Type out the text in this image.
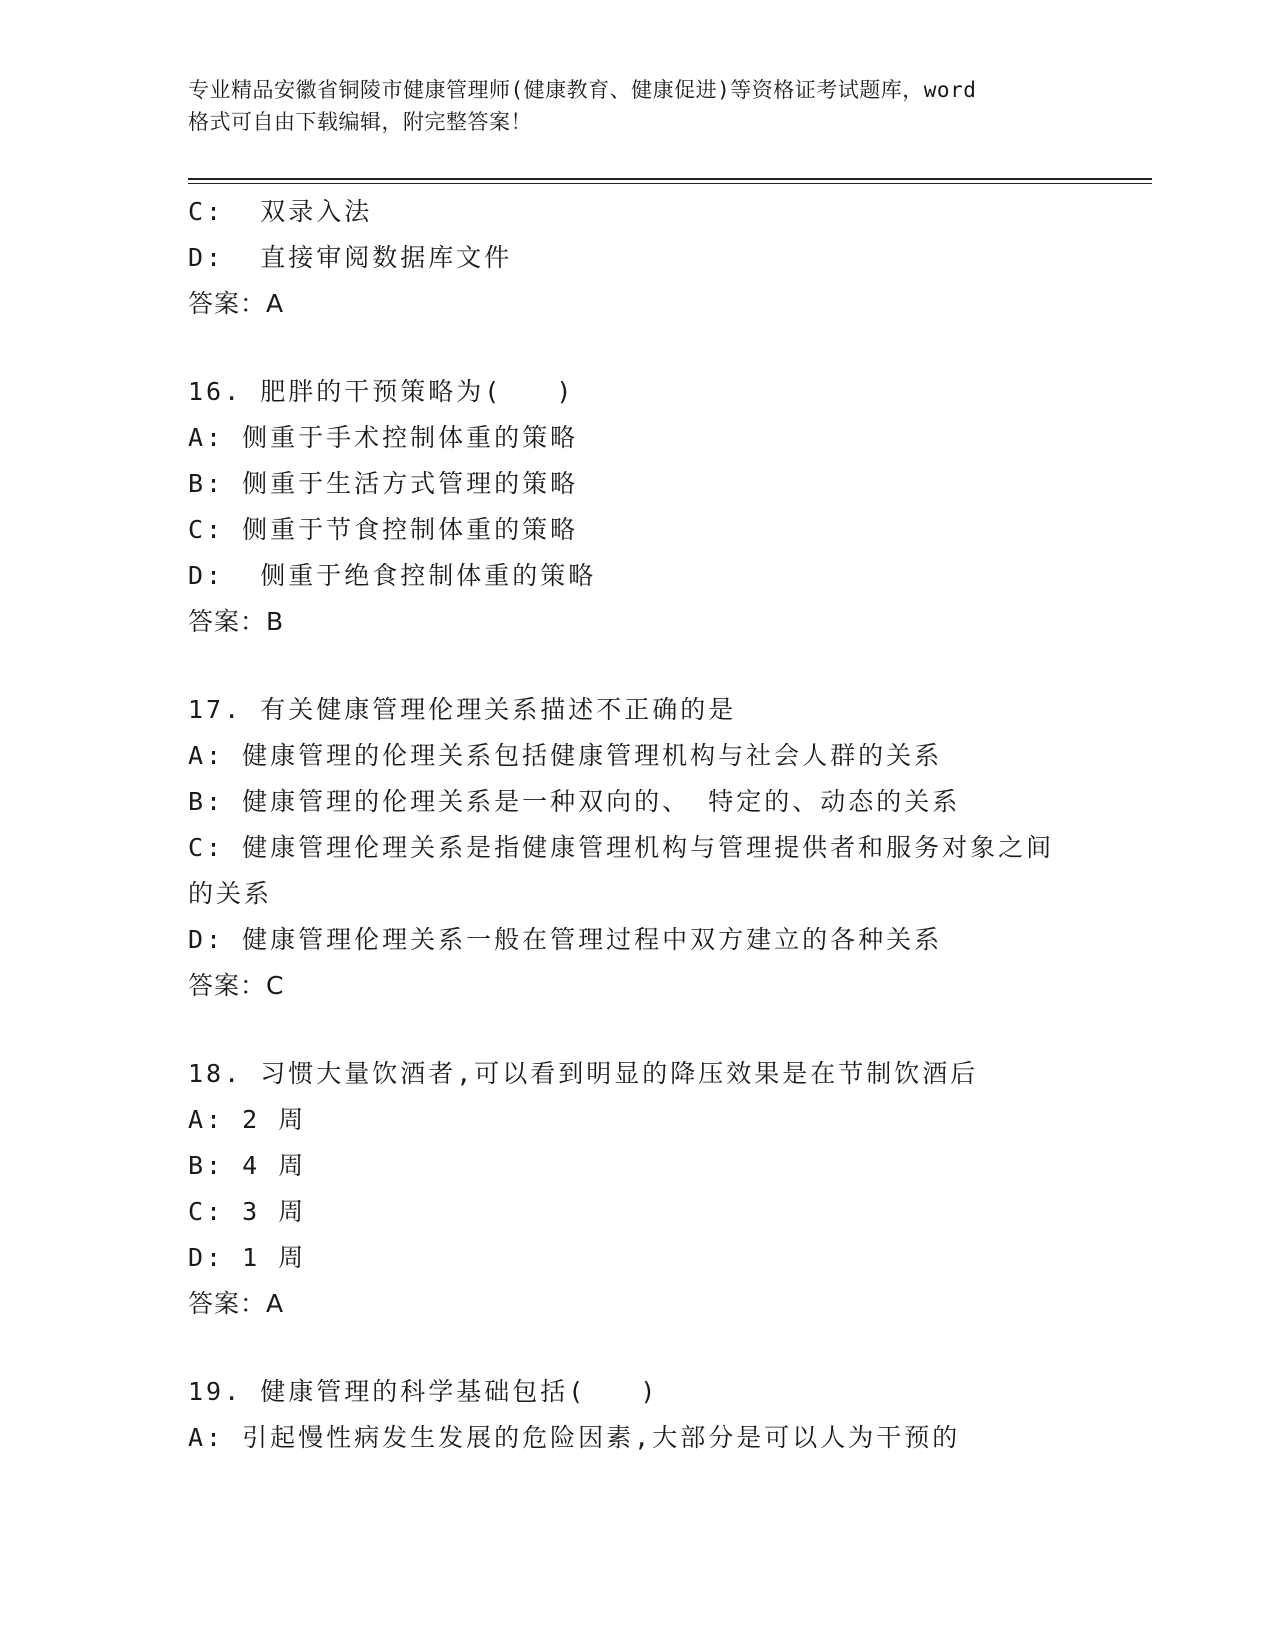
专业精品安徽省铜陵市健康管理师(健康教育、健康促进)等资格证考试题库，word
格式可自由下载编辑，附完整答案！
C:  双录入法
D:  直接审阅数据库文件
答案：A
16. 肥胖的干预策略为(   )
A: 侧重于手术控制体重的策略
B: 侧重于生活方式管理的策略
C: 侧重于节食控制体重的策略
D:  侧重于绝食控制体重的策略
答案：B
17. 有关健康管理伦理关系描述不正确的是
A: 健康管理的伦理关系包括健康管理机构与社会人群的关系
B: 健康管理的伦理关系是一种双向的、 特定的、动态的关系
C: 健康管理伦理关系是指健康管理机构与管理提供者和服务对象之间的关系
D: 健康管理伦理关系一般在管理过程中双方建立的各种关系
答案：C
18. 习惯大量饮酒者,可以看到明显的降压效果是在节制饮酒后
A: 2 周
B: 4 周
C: 3 周
D: 1 周
答案：A
19. 健康管理的科学基础包括(   )
A: 引起慢性病发生发展的危险因素,大部分是可以人为干预的
